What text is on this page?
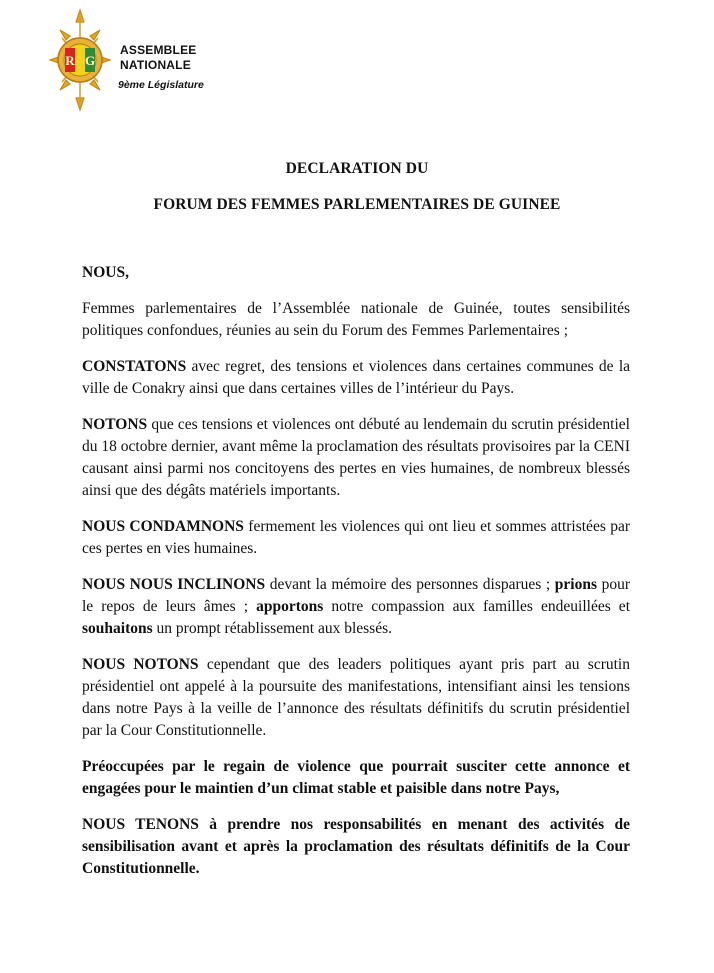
R G
ASSEMBLEE
NATIONALE
9ème Législature
DECLARATION DU
FORUM DES FEMMES PARLEMENTAIRES DE GUINEE

NOUS,

Femmes parlementaires de l’Assemblée nationale de Guinée, toutes sensibilités politiques confondues, réunies au sein du Forum des Femmes Parlementaires ;

CONSTATONS avec regret, des tensions et violences dans certaines communes de la ville de Conakry ainsi que dans certaines villes de l’intérieur du Pays.

NOTONS que ces tensions et violences ont débuté au lendemain du scrutin présidentiel du 18 octobre dernier, avant même la proclamation des résultats provisoires par la CENI causant ainsi parmi nos concitoyens des pertes en vies humaines, de nombreux blessés ainsi que des dégâts matériels importants.

NOUS CONDAMNONS fermement les violences qui ont lieu et sommes attristées par ces pertes en vies humaines.

NOUS NOUS INCLINONS devant la mémoire des personnes disparues ; prions pour le repos de leurs âmes ; apportons notre compassion aux familles endeuillées et souhaitons un prompt rétablissement aux blessés.

NOUS NOTONS cependant que des leaders politiques ayant pris part au scrutin présidentiel ont appelé à la poursuite des manifestations, intensifiant ainsi les tensions dans notre Pays à la veille de l’annonce des résultats définitifs du scrutin présidentiel par la Cour Constitutionnelle.

Préoccupées par le regain de violence que pourrait susciter cette annonce et engagées pour le maintien d’un climat stable et paisible dans notre Pays,

NOUS TENONS à prendre nos responsabilités en menant des activités de sensibilisation avant et après la proclamation des résultats définitifs de la Cour Constitutionnelle.
